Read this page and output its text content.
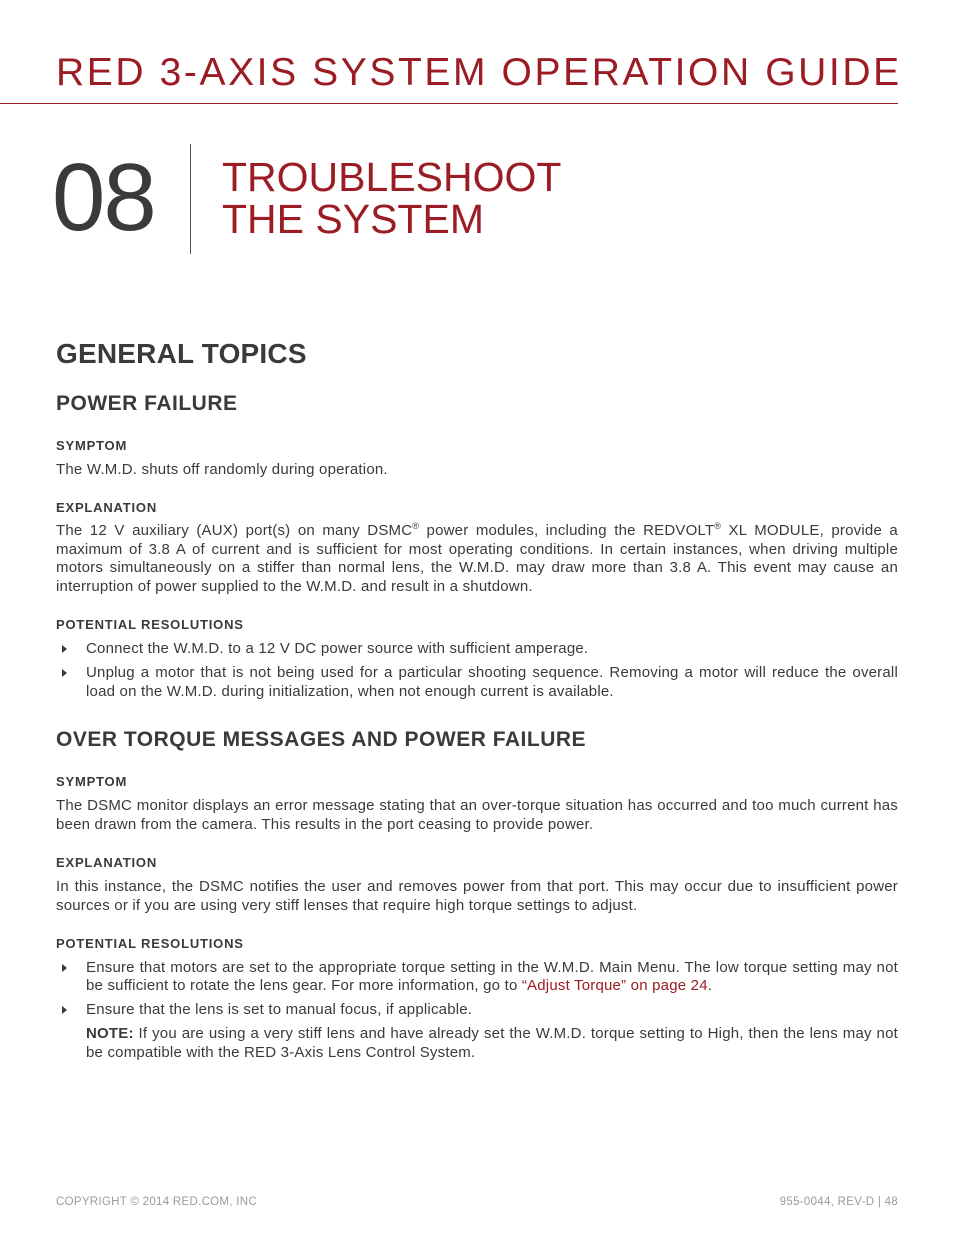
RED 3-AXIS SYSTEM OPERATION GUIDE
08 TROUBLESHOOT
THE SYSTEM
GENERAL TOPICS
POWER FAILURE
SYMPTOM

The W.M.D. shuts off randomly during operation.

EXPLANATION

The 12 V auxiliary (AUX) port(s) on many DSMC® power modules, including the REDVOLT® XL MODULE, provide a maximum of 3.8 A of current and is sufficient for most operating conditions. In certain instances, when driving multiple motors simultaneously on a stiffer than normal lens, the W.M.D. may draw more than 3.8 A. This event may cause an interruption of power supplied to the W.M.D. and result in a shutdown.

POTENTIAL RESOLUTIONS
Connect the W.M.D. to a 12 V DC power source with sufficient amperage.
Unplug a motor that is not being used for a particular shooting sequence. Removing a motor will reduce the overall load on the W.M.D. during initialization, when not enough current is available.
OVER TORQUE MESSAGES AND POWER FAILURE
SYMPTOM

The DSMC monitor displays an error message stating that an over-torque situation has occurred and too much current has been drawn from the camera. This results in the port ceasing to provide power.

EXPLANATION

In this instance, the DSMC notifies the user and removes power from that port. This may occur due to insufficient power sources or if you are using very stiff lenses that require high torque settings to adjust.

POTENTIAL RESOLUTIONS
Ensure that motors are set to the appropriate torque setting in the W.M.D. Main Menu. The low torque setting may not be sufficient to rotate the lens gear. For more information, go to “Adjust Torque” on page 24.
Ensure that the lens is set to manual focus, if applicable.
NOTE: If you are using a very stiff lens and have already set the W.M.D. torque setting to High, then the lens may not be compatible with the RED 3-Axis Lens Control System.
COPYRIGHT © 2014 RED.COM, INC	955-0044, REV-D | 48
